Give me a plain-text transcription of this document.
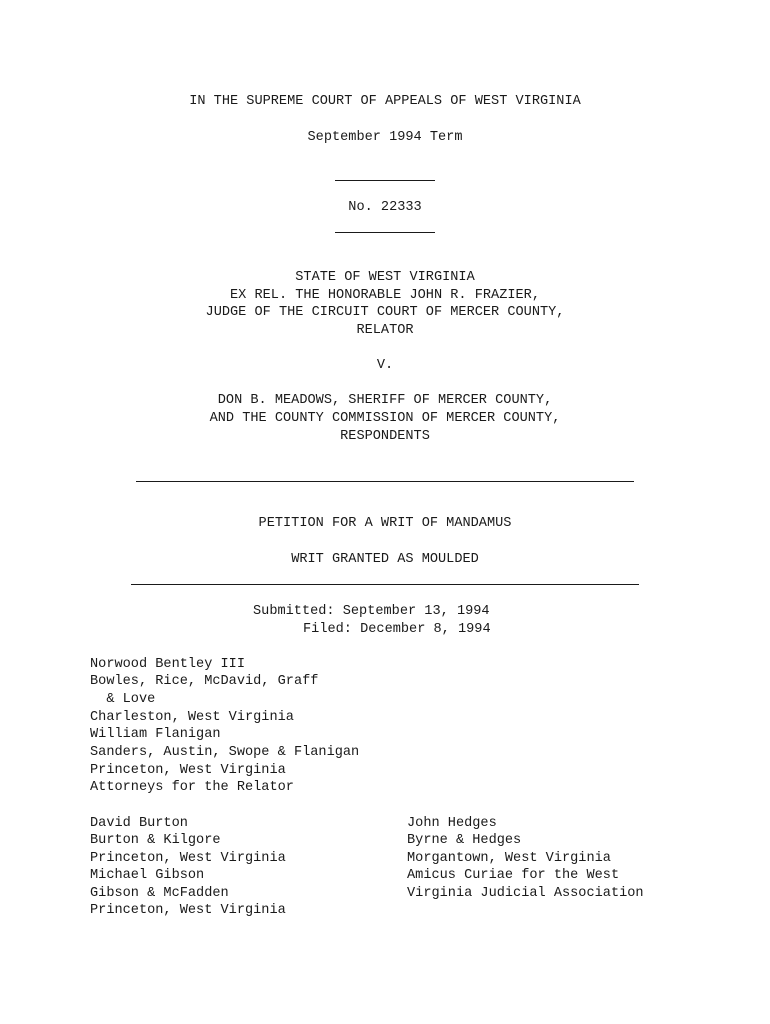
IN THE SUPREME COURT OF APPEALS OF WEST VIRGINIA
September 1994 Term
No. 22333
STATE OF WEST VIRGINIA
EX REL. THE HONORABLE JOHN R. FRAZIER,
JUDGE OF THE CIRCUIT COURT OF MERCER COUNTY,
RELATOR
V.
DON B. MEADOWS, SHERIFF OF MERCER COUNTY,
AND THE COUNTY COMMISSION OF MERCER COUNTY,
RESPONDENTS
PETITION FOR A WRIT OF MANDAMUS
WRIT GRANTED AS MOULDED
Submitted: September 13, 1994
Filed: December 8, 1994
Norwood Bentley III
Bowles, Rice, McDavid, Graff
& Love
Charleston, West Virginia
William Flanigan
Sanders, Austin, Swope & Flanigan
Princeton, West Virginia
Attorneys for the Relator
David Burton
Burton & Kilgore
Princeton, West Virginia
Michael Gibson
Gibson & McFadden
Princeton, West Virginia
John Hedges
Byrne & Hedges
Morgantown, West Virginia
Amicus Curiae for the West
Virginia Judicial Association
